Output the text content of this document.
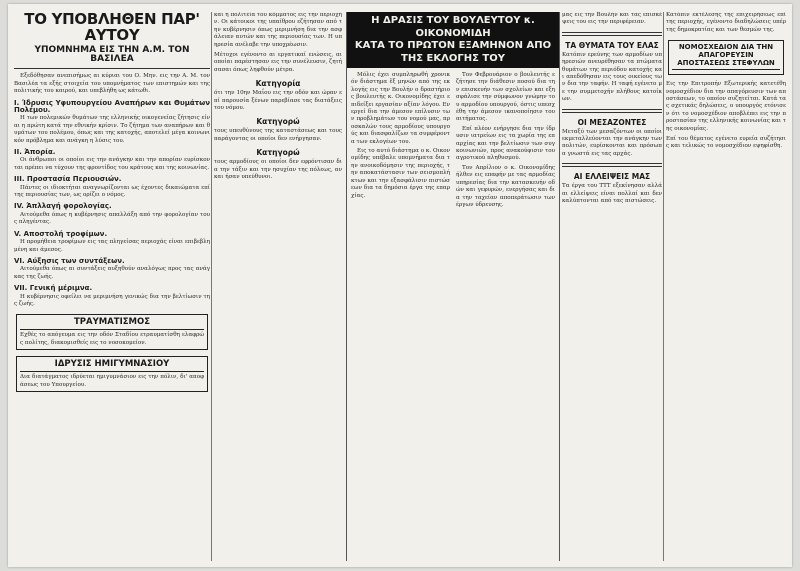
ΤΟ ΥΠΟΒΛΗΘΕΝ ΠΑΡ' ΑΥΤΟΥ
ΥΠΟΜΝΗΜΑ ΕΙΣ ΤΗΝ Α.Μ. ΤΟΝ ΒΑΣΙΛΕΑ

Εξεδόθησαν ανεπισήμως αι κύριαι του Ο. Μην. εις την Α. Μ. τον Βασιλέα τα εξής στοιχεία του υπομνήματος των επιστημών και της πολιτικής του καιρού, και υπεβλήθη ως κάτωθι.

I. Ίδρυσις Υφυπουργείου Αναπήρων και Θυμάτων Πολέμου.

Η των πολεμικών θυμάτων της ελληνικής οικογενείας ζήτησις είναι η πρώτη κατά την εθνικήν κρίσιν. Το ζήτημα των αναπήρων και θυμάτων του πολέμου, όπως και της κατοχής, αποτελεί μέγα κοινωνικόν πρόβλημα και ανάγκη η λύσις του.

II. Άπορία.

Οι άνθρωποι οι οποίοι εις την ανάγκην και την απορίαν ευρίσκονται πρέπει να τύχουν της φροντίδος του κράτους και της κοινωνίας.

III. Προστασία Περιουσιών.

Πάντες οι ιδιοκτήται αναγνωρίζονται ως έχοντες δικαιώματα επί της περιουσίας των, ως ορίζει ο νόμος.

IV. Άπλλαγή φορολογίας.

Αιτούμεθα όπως η κυβέρνησις απαλλάξη από την φορολογίαν τους πληγέντας.

V. Αποστολή τροφίμων.

Η προμήθεια τροφίμων εις τας πληγείσας περιοχάς είναι επιβεβλημένη και άμεσος.

VI. Αύξησις των συντάξεων.

Αιτούμεθα όπως αι συντάξεις αυξηθούν αναλόγως προς τας ανάγκας της ζωής.

VII. Γενική μέριμνα.

Η κυβέρνησις οφείλει να μεριμνήση γενικώς δια την βελτίωσιν της ζωής.

ΤΡΑΥΜΑΤΙΣΜΟΣ
Εχθές το απόγευμα εις την οδόν Σταδίου ετραυματίσθη ελαφρώς πολίτης, διακομισθείς εις το νοσοκομείον.
ΙΔΡΥΣΙΣ ΗΜΙΓΥΜΝΑΣΙΟΥ
Δια διατάγματος ιδρύεται ημιγυμνάσιον εις την πόλιν, δι' αποφάσεως του Υπουργείου.
και η πολιτεία του κόμματος εις την περιοχήν. Οι κάτοικοι της υπαίθρου εζήτησαν από την κυβέρνησιν όπως μεριμνήση δια την ασφάλειαν αυτών και της περιουσίας των. Η υπηρεσία ανέλαβε την υποχρέωσιν.
Μέτοχοι εγένοντο αι εργατικαί ενώσεις, αι οποίαι παρέστησαν εις την συνέλευσιν, ζητήσασαι όπως ληφθούν μέτρα.
Κατηγορία
ότι την 10ην Μαΐου εις την οδόν και ώραν επί παρουσία ξένων παρεβίασε τας διατάξεις του νόμου.
Κατηγορώ
τους υπευθύνους της καταστάσεως και τους παράγοντας οι οποίοι δεν ενήργησαν.
Κατηγορώ
τους αρμοδίους οι οποίοι δεν εφρόντισαν δια την τάξιν και την ησυχίαν της πόλεως, αν και ήσαν υπεύθυνοι.
Η ΔΡΑΣΙΣ ΤΟΥ ΒΟΥΛΕΥΤΟΥ κ. ΟΙΚΟΝΟΜΙΔΗ
ΚΑΤΑ ΤΟ ΠΡΩΤΟΝ ΕΞΑΜΗΝΟΝ ΑΠΟ ΤΗΣ ΕΚΛΟΓΗΣ ΤΟΥ

Μόλις έχει συμπληρωθή χρονικόν διάστημα ἓξ μηνών από της εκλογής εις την Βουλήν ο δραστήριος βουλευτής κ. Οικονομίδης έχει επιδείξει εργασίαν αξίαν λόγου. Ενεργεί δια την άμεσον επίλυσιν των προβλημάτων του νομού μας, προσκαλών τους αρμοδίους υπουργούς και διασφαλίζων τα συμφέροντα των εκλογέων του.

Εις το αυτό διάστημα ο κ. Οικονομίδης υπέβαλε υπομνήματα δια την ανοικοδόμησιν της περιοχής, την αποκατάστασιν των σεισμοπλήκτων και την εξασφάλισιν πιστώσεων δια τα δημόσια έργα της επαρχίας.

Τον Φεβρουάριον ο βουλευτής εζήτησε την διάθεσιν ποσού δια την επισκευήν των σχολείων και εξησφάλισε την σύμφωνον γνώμην του αρμοδίου υπουργού, όστις υπεσχέθη την άμεσον ικανοποίησιν του αιτήματος.

Επί πλέον ενήργησε δια την ίδρυσιν ιατρείων εις τα χωρία της επαρχίας και την βελτίωσιν των συγκοινωνιών, προς ανακούφισιν του αγροτικού πληθυσμού.

Τον Απρίλιον ο κ. Οικονομίδης ήλθεν εις επαφήν με τας αρμοδίας υπηρεσίας δια την κατασκευήν οδών και γεφυρών, ενεργήσας και δια την ταχείαν αποπεράτωσιν των έργων ύδρευσης.

μας εις την Βουλήν και τας επισκέψεις του εις την περιφέρειαν.
ΤΑ ΘΥΜΑΤΑ ΤΟΥ ΕΛΑΣ
Κατόπιν ερεύνης των αρμοδίων υπηρεσιών ανευρέθησαν τα πτώματα θυμάτων της περιόδου κατοχής και απεδόθησαν εις τους οικείους των δια την ταφήν. Η ταφή εγένετο με την συμμετοχήν πλήθους κατοίκων.
ΟΙ ΜΕΣΑΖΟΝΤΕΣ
Μεταξύ των μεσαζόντων οι οποίοι εκμεταλλεύονται την ανάγκην των πολιτών, ευρίσκονται και πρόσωπα γνωστά εις τας αρχάς.
ΑΙ ΕΛΛΕΙΨΕΙΣ ΜΑΣ
Τα έργα του ΤΤΤ εξεκίνησαν αλλά αι ελλείψεις είναι πολλαί και δεν καλύπτονται από τας πιστώσεις.
Κατόπιν εκτέλεσης της επιχειρήσεως επί της περιοχής, εγένοντο διαδηλώσεις υπέρ της δημοκρατίας και των θεσμών της.
ΝΟΜΟΣΧΕΔΙΟΝ ΔΙΑ ΤΗΝ ΑΠΑΓΟΡΕΥΣΙΝ ΑΠΟΣΤΑΣΕΩΣ ΣΤΕΦΥΛΩΝ
Εις την Επιτροπήν Εξωτερικής κατετέθη νομοσχέδιον δια την απαγόρευσιν των αποστάσεων, το οποίον συζητείται. Κατά τας σχετικάς δηλώσεις, ο υπουργός ετόνισεν ότι το νομοσχέδιον αποβλέπει εις την προστασίαν της ελληνικής κοινωνίας και της οικονομίας.
Επί του θέματος εγένετο ευρεία συζήτησις και τελικώς το νομοσχέδιον εψηφίσθη.
